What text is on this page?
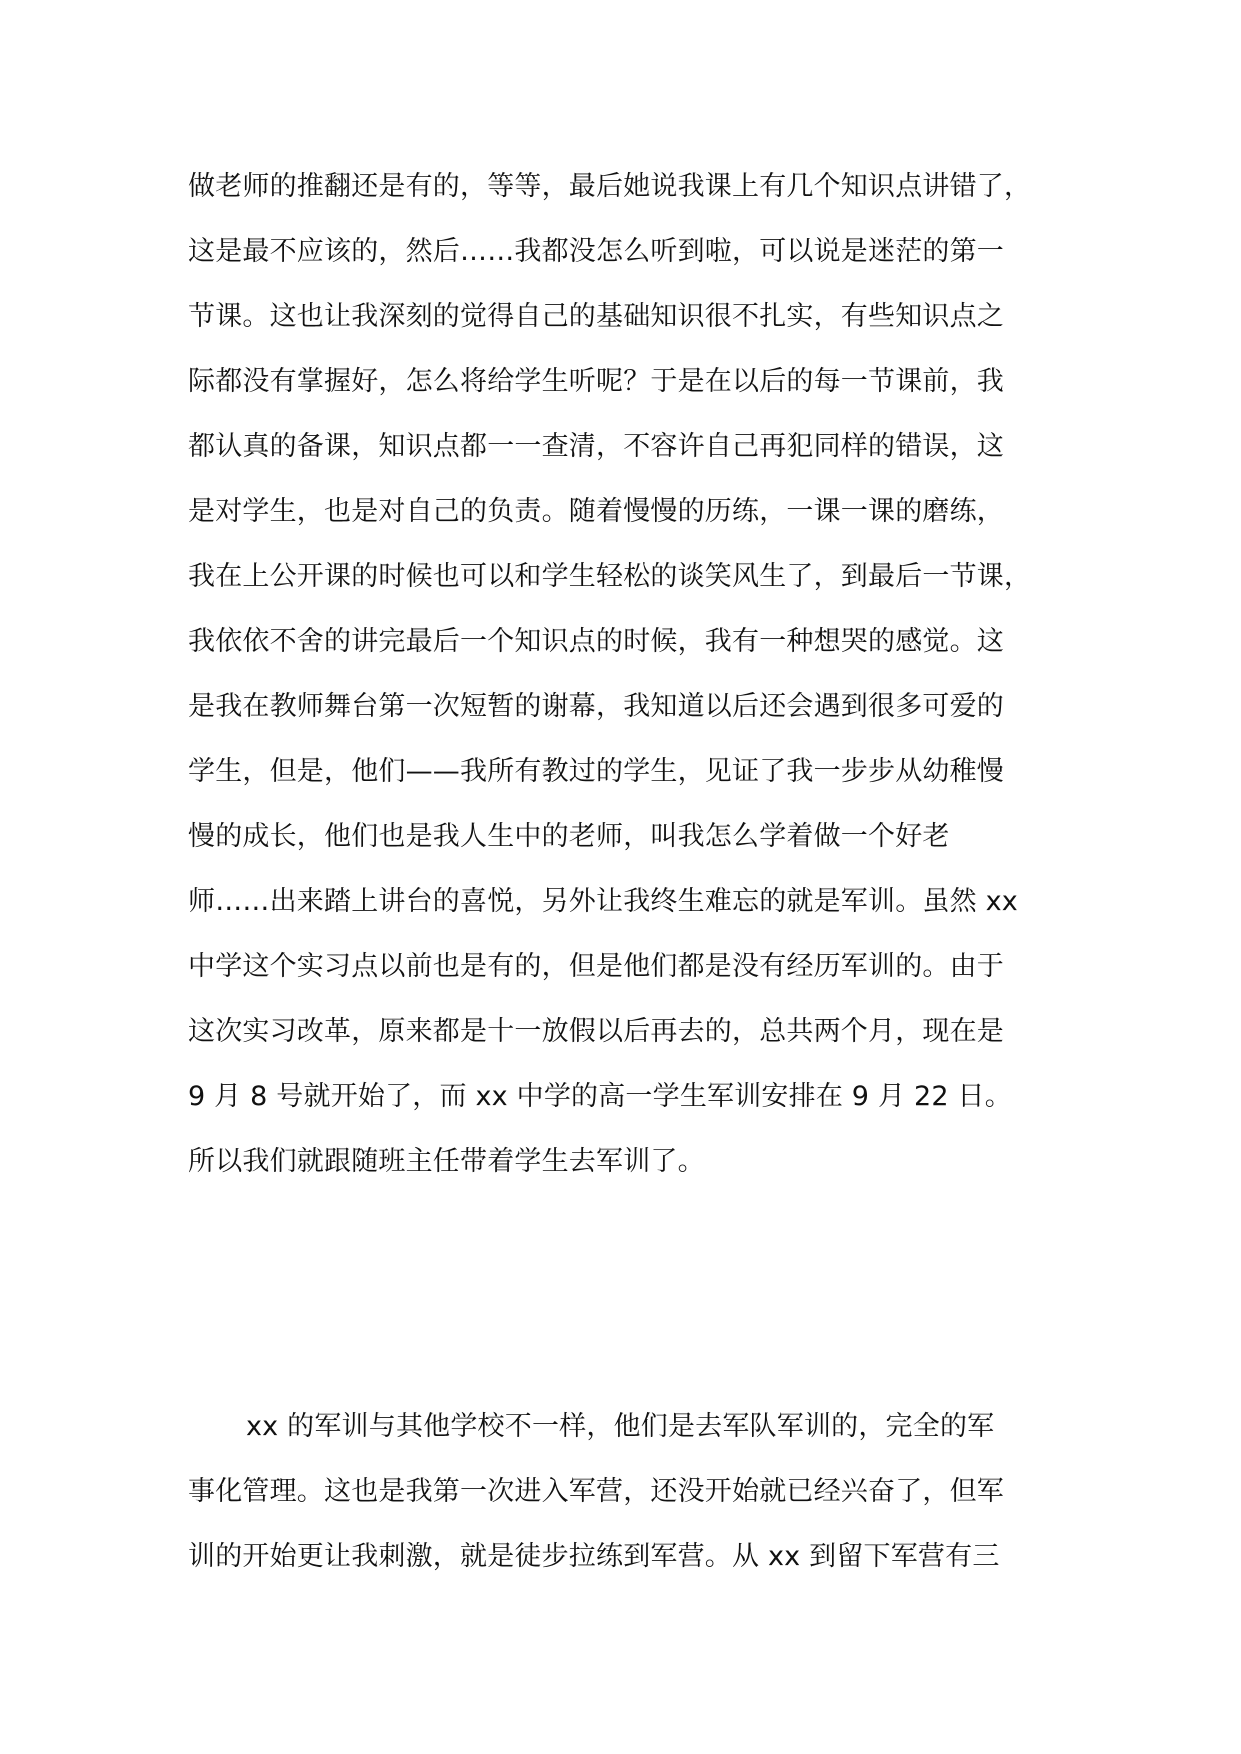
做老师的推翻还是有的，等等，最后她说我课上有几个知识点讲错了，
这是最不应该的，然后……我都没怎么听到啦，可以说是迷茫的第一
节课。这也让我深刻的觉得自己的基础知识很不扎实，有些知识点之
际都没有掌握好，怎么将给学生听呢？于是在以后的每一节课前，我
都认真的备课，知识点都一一查清，不容许自己再犯同样的错误，这
是对学生，也是对自己的负责。随着慢慢的历练，一课一课的磨练，
我在上公开课的时候也可以和学生轻松的谈笑风生了，到最后一节课，
我依依不舍的讲完最后一个知识点的时候，我有一种想哭的感觉。这
是我在教师舞台第一次短暂的谢幕，我知道以后还会遇到很多可爱的
学生，但是，他们——我所有教过的学生，见证了我一步步从幼稚慢
慢的成长，他们也是我人生中的老师，叫我怎么学着做一个好老
师……出来踏上讲台的喜悦，另外让我终生难忘的就是军训。虽然 xx
中学这个实习点以前也是有的，但是他们都是没有经历军训的。由于
这次实习改革，原来都是十一放假以后再去的，总共两个月，现在是
9 月 8 号就开始了，而 xx 中学的高一学生军训安排在 9 月 22 日。
所以我们就跟随班主任带着学生去军训了。
xx 的军训与其他学校不一样，他们是去军队军训的，完全的军
事化管理。这也是我第一次进入军营，还没开始就已经兴奋了，但军
训的开始更让我刺激，就是徒步拉练到军营。从 xx 到留下军营有三
